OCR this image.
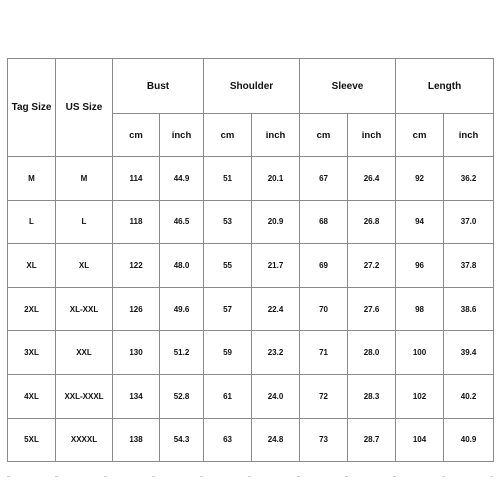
Tag Size	US Size	Bust		Shoulder		Sleeve		Length	
		cm	inch	cm	inch	cm	inch	cm	inch
M	M	114	44.9	51	20.1	67	26.4	92	36.2
L	L	118	46.5	53	20.9	68	26.8	94	37.0
XL	XL	122	48.0	55	21.7	69	27.2	96	37.8
2XL	XL-XXL	126	49.6	57	22.4	70	27.6	98	38.6
3XL	XXL	130	51.2	59	23.2	71	28.0	100	39.4
4XL	XXL-XXXL	134	52.8	61	24.0	72	28.3	102	40.2
5XL	XXXXL	138	54.3	63	24.8	73	28.7	104	40.9
